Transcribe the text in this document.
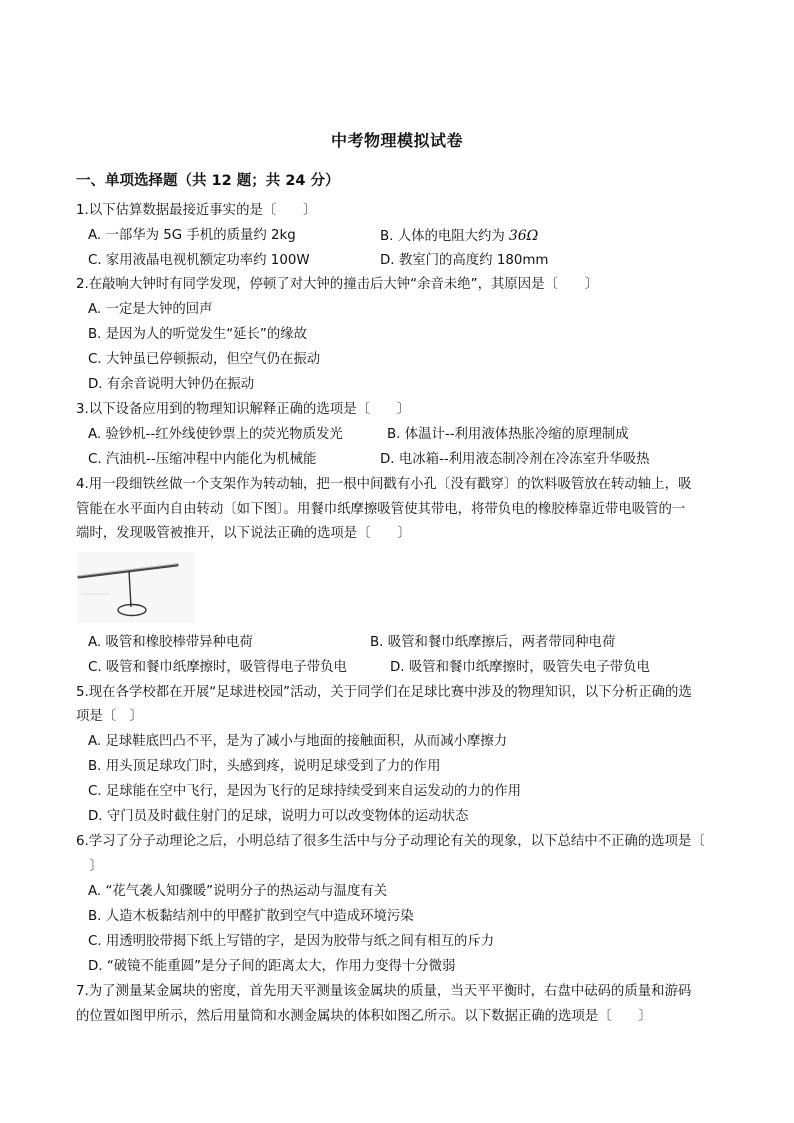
中考物理模拟试卷
一、单项选择题（共 12 题；共 24 分）
1.以下估算数据最接近事实的是〔　　〕
A. 一部华为 5G 手机的质量约 2kg	B. 人体的电阻大约为 36Ω
C. 家用液晶电视机额定功率约 100W	D. 教室门的高度约 180mm
2.在敲响大钟时有同学发现，停顿了对大钟的撞击后大钟“余音未绝”，其原因是〔　　〕
A. 一定是大钟的回声
B. 是因为人的听觉发生“延长”的缘故
C. 大钟虽已停顿振动，但空气仍在振动
D. 有余音说明大钟仍在振动
3.以下设备应用到的物理知识解释正确的选项是〔　　〕
A. 验钞机--红外线使钞票上的荧光物质发光	B. 体温计--利用液体热胀冷缩的原理制成
C. 汽油机--压缩冲程中内能化为机械能	D. 电冰箱--利用液态制冷剂在冷冻室升华吸热
4.用一段细铁丝做一个支架作为转动轴，把一根中间戳有小孔〔没有戳穿〕的饮料吸管放在转动轴上，吸
管能在水平面内自由转动〔如下图〕。用餐巾纸摩擦吸管使其带电，将带负电的橡胶棒靠近带电吸管的一
端时，发现吸管被推开，以下说法正确的选项是〔　　〕
A. 吸管和橡胶棒带异种电荷	B. 吸管和餐巾纸摩擦后，两者带同种电荷
C. 吸管和餐巾纸摩擦时，吸管得电子带负电	D. 吸管和餐巾纸摩擦时，吸管失电子带负电
5.现在各学校都在开展“足球进校园”活动，关于同学们在足球比赛中涉及的物理知识，以下分析正确的选
项是〔　〕
A. 足球鞋底凹凸不平，是为了减小与地面的接触面积，从而减小摩擦力
B. 用头顶足球攻门时，头感到疼，说明足球受到了力的作用
C. 足球能在空中飞行，是因为飞行的足球持续受到来自运发动的力的作用
D. 守门员及时截住射门的足球，说明力可以改变物体的运动状态
6.学习了分子动理论之后，小明总结了很多生活中与分子动理论有关的现象，以下总结中不正确的选项是〔
　〕
A. “花气袭人知骤暖”说明分子的热运动与温度有关
B. 人造木板黏结剂中的甲醛扩散到空气中造成环境污染
C. 用透明胶带揭下纸上写错的字，是因为胶带与纸之间有相互的斥力
D. “破镜不能重圆”是分子间的距离太大，作用力变得十分微弱
7.为了测量某金属块的密度，首先用天平测量该金属块的质量，当天平平衡时，右盘中砝码的质量和游码
的位置如图甲所示，然后用量筒和水测金属块的体积如图乙所示。以下数据正确的选项是〔　　〕
